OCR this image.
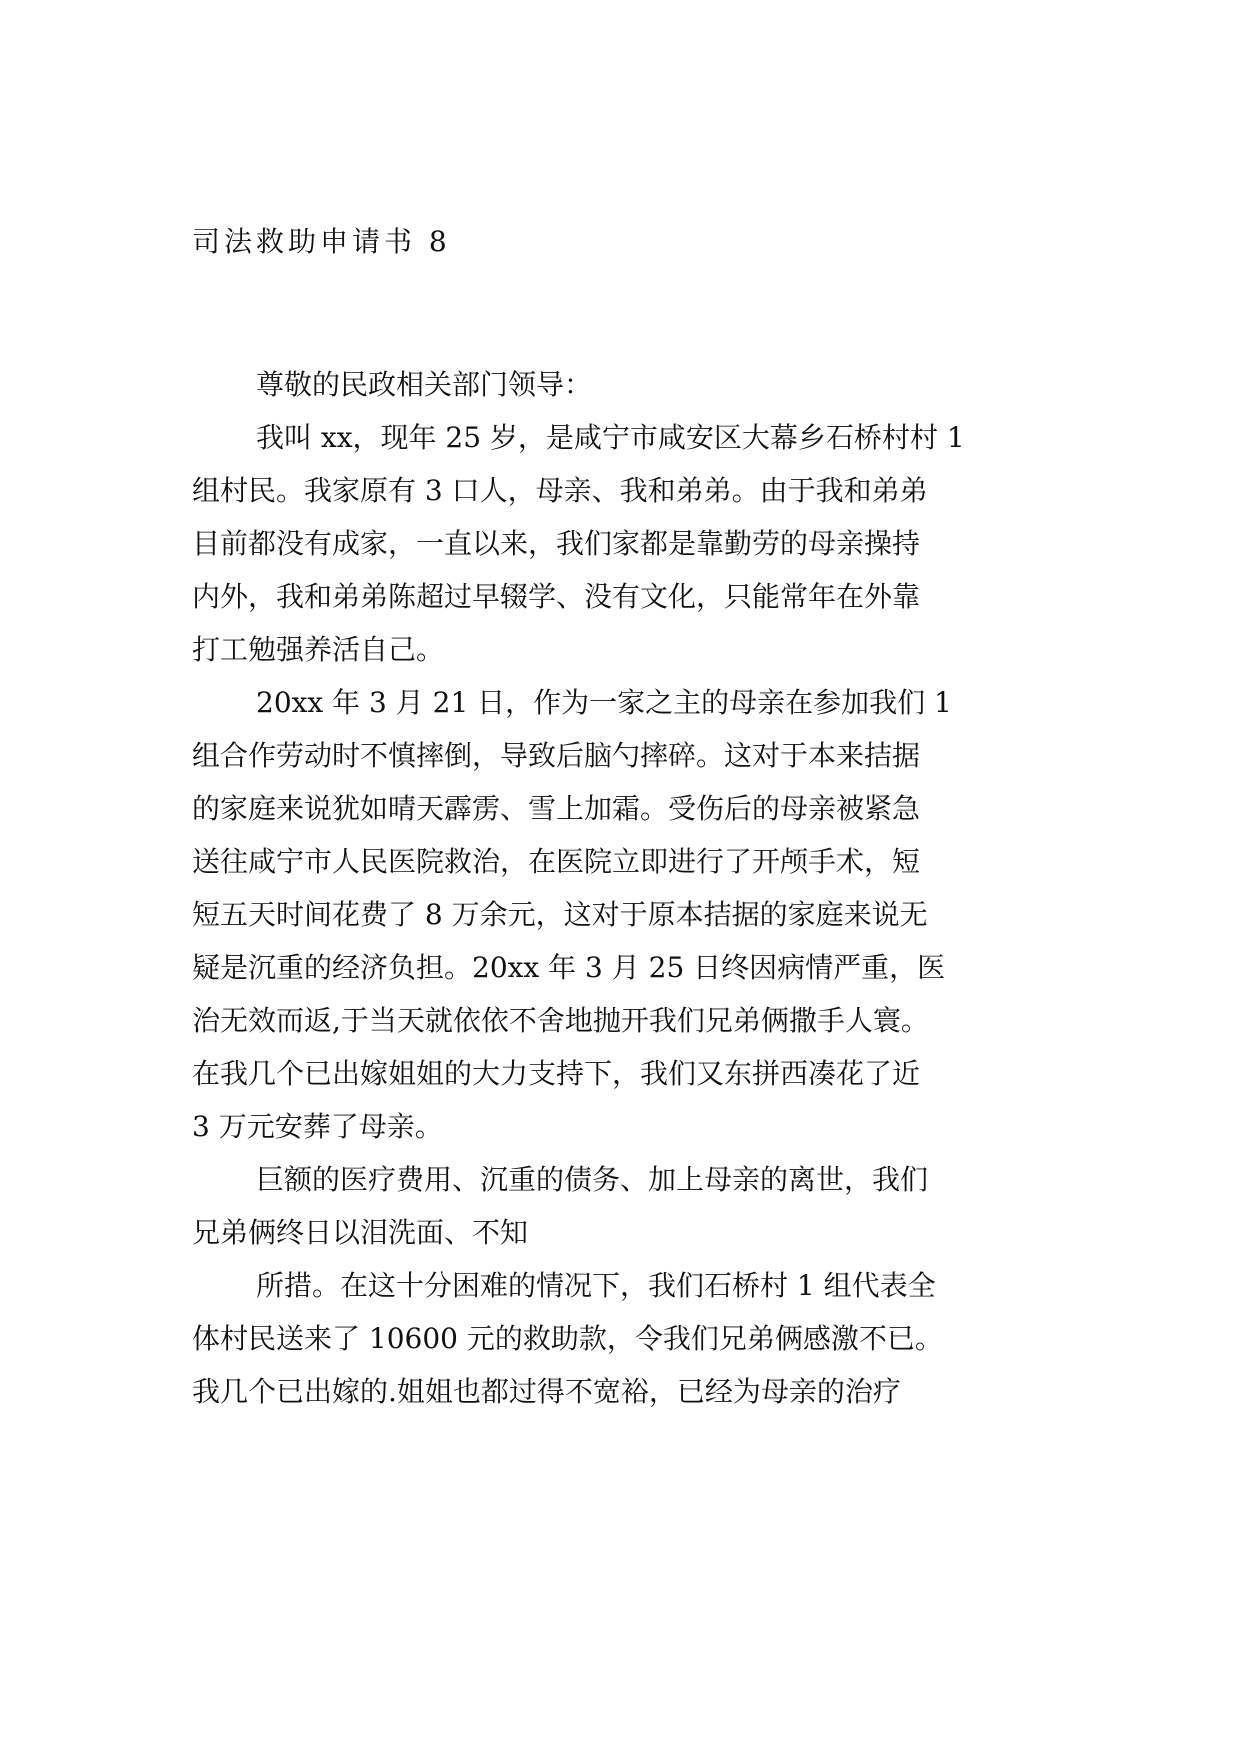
司法救助申请书 8
尊敬的民政相关部门领导：
我叫 xx，现年 25 岁，是咸宁市咸安区大幕乡石桥村村 1
组村民。我家原有 3 口人，母亲、我和弟弟。由于我和弟弟
目前都没有成家，一直以来，我们家都是靠勤劳的母亲操持
内外，我和弟弟陈超过早辍学、没有文化，只能常年在外靠
打工勉强养活自己。
20xx 年 3 月 21 日，作为一家之主的母亲在参加我们 1
组合作劳动时不慎摔倒，导致后脑勺摔碎。这对于本来拮据
的家庭来说犹如晴天霹雳、雪上加霜。受伤后的母亲被紧急
送往咸宁市人民医院救治，在医院立即进行了开颅手术，短
短五天时间花费了 8 万余元，这对于原本拮据的家庭来说无
疑是沉重的经济负担。20xx 年 3 月 25 日终因病情严重，医
治无效而返,于当天就依依不舍地抛开我们兄弟俩撒手人寰。
在我几个已出嫁姐姐的大力支持下，我们又东拼西凑花了近
3 万元安葬了母亲。
巨额的医疗费用、沉重的债务、加上母亲的离世，我们
兄弟俩终日以泪洗面、不知
所措。在这十分困难的情况下，我们石桥村 1 组代表全
体村民送来了 10600 元的救助款，令我们兄弟俩感激不已。
我几个已出嫁的.姐姐也都过得不宽裕，已经为母亲的治疗
